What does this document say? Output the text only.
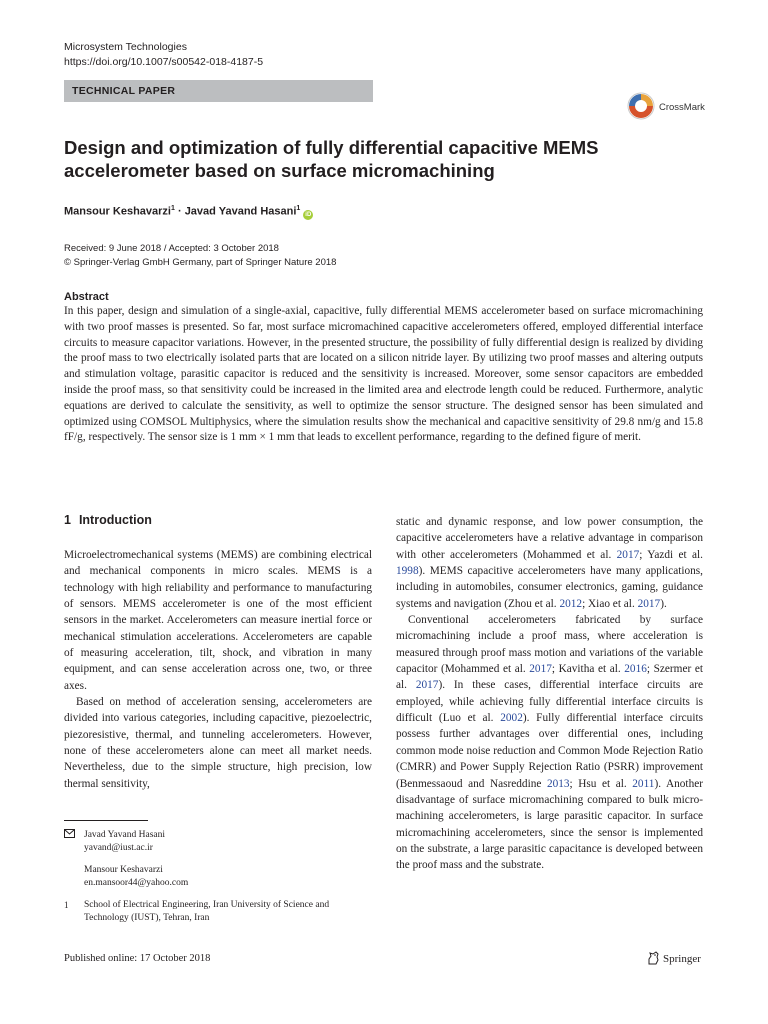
Microsystem Technologies
https://doi.org/10.1007/s00542-018-4187-5
TECHNICAL PAPER
CrossMark
Design and optimization of fully differential capacitive MEMS accelerometer based on surface micromachining
Mansour Keshavarzi$^1$ · Javad Yavand Hasani$^1$iD
Received: 9 June 2018 / Accepted: 3 October 2018
© Springer-Verlag GmbH Germany, part of Springer Nature 2018
Abstract

In this paper, design and simulation of a single-axial, capacitive, fully differential MEMS accelerometer based on surface micromachining with two proof masses is presented. So far, most surface micromachined capacitive accelerometers offered, employed differential interface circuits to measure capacitor variations. However, in the presented structure, the possibility of fully differential design is realized by dividing the proof mass to two electrically isolated parts that are located on a silicon nitride layer. By utilizing two proof masses and altering outputs and stimulation voltage, parasitic capacitor is reduced and the sensitivity is increased. Moreover, some sensor capacitors are embedded inside the proof mass, so that sensitivity could be increased in the limited area and electrode length could be reduced. Furthermore, analytic equations are derived to calculate the sensitivity, as well to optimize the sensor structure. The designed sensor has been simulated and optimized using COMSOL Multiphysics, where the simulation results show the mechanical and capacitive sensitivity of 29.8 nm/g and 15.8 fF/g, respectively. The sensor size is 1 mm × 1 mm that leads to excellent performance, regarding to the defined figure of merit.

1 Introduction

Microelectromechanical systems (MEMS) are combining electrical and mechanical components in micro scales. MEMS is a technology with high reliability and performance to manufacturing of sensors. MEMS accelerometer is one of the most efficient sensors in the market. Accelerometers can measure inertial force or mechanical stimulation accelerations. Accelerometers are capable of measuring acceleration, tilt, shock, and vibration in many equipment, and can sense acceleration across one, two, or three axes.

Based on method of acceleration sensing, accelerometers are divided into various categories, including capacitive, piezoelectric, piezoresistive, thermal, and tunneling accelerometers. However, none of these accelerometers alone can meet all market needs. Nevertheless, due to the simple structure, high precision, low thermal sensitivity,

static and dynamic response, and low power consumption, the capacitive accelerometers have a relative advantage in comparison with other accelerometers (Mohammed et al. 2017; Yazdi et al. 1998). MEMS capacitive accelerometers have many applications, including in automobiles, consumer electronics, gaming, guidance systems and navigation (Zhou et al. 2012; Xiao et al. 2017).

Conventional accelerometers fabricated by surface micromachining include a proof mass, where acceleration is measured through proof mass motion and variations of the variable capacitor (Mohammed et al. 2017; Kavitha et al. 2016; Szermer et al. 2017). In these cases, differential interface circuits are employed, while achieving fully differential interface circuits is difficult (Luo et al. 2002). Fully differential interface circuits possess further advantages over differential ones, including common mode noise reduction and Common Mode Rejection Ratio (CMRR) and Power Supply Rejection Ratio (PSRR) improvement (Benmessaoud and Nasreddine 2013; Hsu et al. 2011). Another disadvantage of surface micromachining compared to bulk micro-machining accelerometers, is large parasitic capacitor. In surface micromachining accelerometers, since the sensor is implemented on the substrate, a large parasitic capacitance is developed between the proof mass and the substrate.

Javad Yavand Hasani
yavand@iust.ac.ir
Mansour Keshavarzi
en.mansoor44@yahoo.com
1 School of Electrical Engineering, Iran University of Science and Technology (IUST), Tehran, Iran
Published online: 17 October 2018	Springer
